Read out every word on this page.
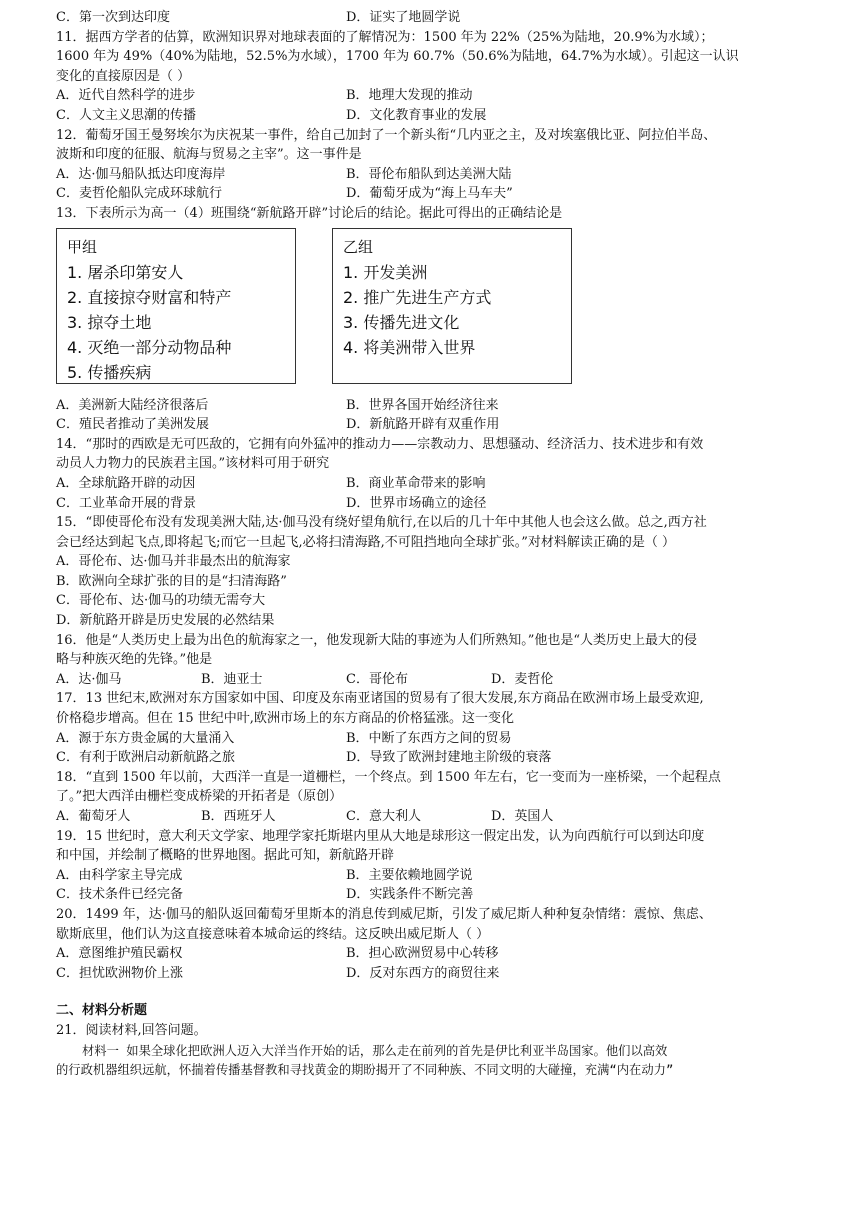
C．第一次到达印度	D．证实了地圆学说
11．据西方学者的估算，欧洲知识界对地球表面的了解情况为：1500 年为 22%（25%为陆地，20.9%为水域）；
1600 年为 49%（40%为陆地，52.5%为水域），1700 年为 60.7%（50.6%为陆地，64.7%为水域）。引起这一认识
变化的直接原因是（ ）
A．近代自然科学的进步	B．地理大发现的推动
C．人文主义思潮的传播	D．文化教育事业的发展
12．葡萄牙国王曼努埃尔为庆祝某一事件，给自己加封了一个新头衔“几内亚之主，及对埃塞俄比亚、阿拉伯半岛、
波斯和印度的征服、航海与贸易之主宰”。这一事件是
A．达·伽马船队抵达印度海岸	B．哥伦布船队到达美洲大陆
C．麦哲伦船队完成环球航行	D．葡萄牙成为“海上马车夫”
13．下表所示为高一（4）班围绕“新航路开辟”讨论后的结论。据此可得出的正确结论是
甲组
1. 屠杀印第安人
2. 直接掠夺财富和特产
3. 掠夺土地
4. 灭绝一部分动物品种
5. 传播疾病
乙组
1. 开发美洲
2. 推广先进生产方式
3. 传播先进文化
4. 将美洲带入世界
A．美洲新大陆经济很落后	B．世界各国开始经济往来
C．殖民者推动了美洲发展	D．新航路开辟有双重作用
14．“那时的西欧是无可匹敌的，它拥有向外猛冲的推动力——宗教动力、思想骚动、经济活力、技术进步和有效
动员人力物力的民族君主国。”该材料可用于研究
A．全球航路开辟的动因	B．商业革命带来的影响
C．工业革命开展的背景	D．世界市场确立的途径
15．“即使哥伦布没有发现美洲大陆,达·伽马没有绕好望角航行,在以后的几十年中其他人也会这么做。总之,西方社
会已经达到起飞点,即将起飞;而它一旦起飞,必将扫清海路,不可阻挡地向全球扩张。”对材料解读正确的是（ ）
A．哥伦布、达·伽马并非最杰出的航海家
B．欧洲向全球扩张的目的是“扫清海路”
C．哥伦布、达·伽马的功绩无需夸大
D．新航路开辟是历史发展的必然结果
16．他是“人类历史上最为出色的航海家之一，他发现新大陆的事迹为人们所熟知。”他也是“人类历史上最大的侵
略与种族灭绝的先锋。”他是
A．达·伽马	B．迪亚士	C．哥伦布	D．麦哲伦
17．13 世纪末,欧洲对东方国家如中国、印度及东南亚诸国的贸易有了很大发展,东方商品在欧洲市场上最受欢迎,
价格稳步增高。但在 15 世纪中叶,欧洲市场上的东方商品的价格猛涨。这一变化
A．源于东方贵金属的大量涌入	B．中断了东西方之间的贸易
C．有利于欧洲启动新航路之旅	D．导致了欧洲封建地主阶级的衰落
18．“直到 1500 年以前，大西洋一直是一道栅栏，一个终点。到 1500 年左右，它一变而为一座桥梁，一个起程点
了。”把大西洋由栅栏变成桥梁的开拓者是（原创）
A．葡萄牙人	B．西班牙人	C．意大利人	D．英国人
19．15 世纪时，意大利天文学家、地理学家托斯堪内里从大地是球形这一假定出发，认为向西航行可以到达印度
和中国，并绘制了概略的世界地图。据此可知，新航路开辟
A．由科学家主导完成	B．主要依赖地圆学说
C．技术条件已经完备	D．实践条件不断完善
20．1499 年，达·伽马的船队返回葡萄牙里斯本的消息传到威尼斯，引发了威尼斯人种种复杂情绪：震惊、焦虑、
歇斯底里，他们认为这直接意味着本城命运的终结。这反映出威尼斯人（ ）
A．意图维护殖民霸权	B．担心欧洲贸易中心转移
C．担忧欧洲物价上涨	D．反对东西方的商贸往来
二、材料分析题
21．阅读材料,回答问题。
材料一 如果全球化把欧洲人迈入大洋当作开始的话，那么走在前列的首先是伊比利亚半岛国家。他们以高效
的行政机器组织远航，怀揣着传播基督教和寻找黄金的期盼揭开了不同种族、不同文明的大碰撞，充满“内在动力”
